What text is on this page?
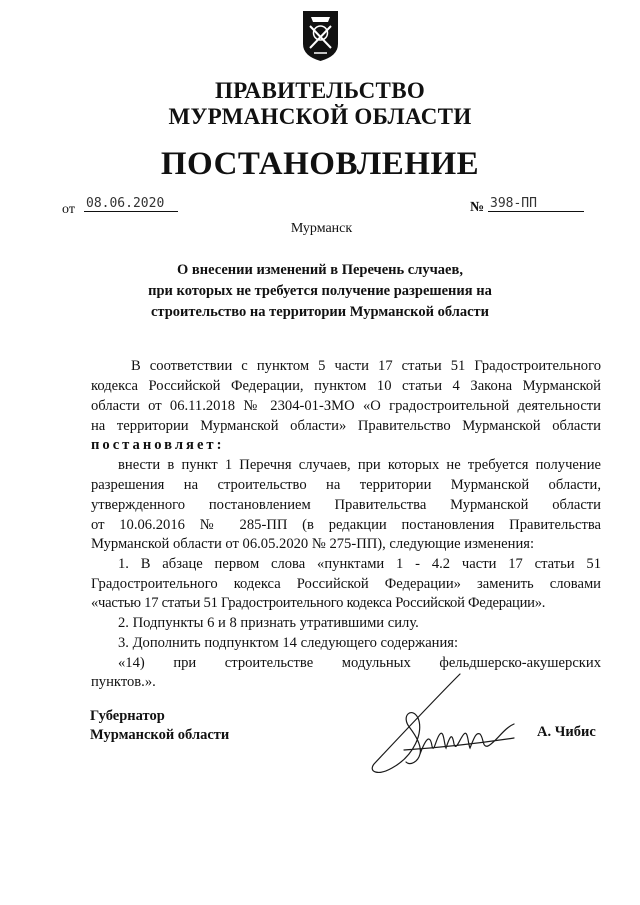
ПРАВИТЕЛЬСТВО
МУРМАНСКОЙ ОБЛАСТИ
ПОСТАНОВЛЕНИЕ
от 08.06.2020	№ 398-ПП
Мурманск
О внесении изменений в Перечень случаев,
при которых не требуется получение разрешения на
строительство на территории Мурманской области
В соответствии с пунктом 5 части 17 статьи 51 Градостроительного
кодекса Российской Федерации, пунктом 10 статьи 4 Закона Мурманской
области от 06.11.2018 № 2304-01-ЗМО «О градостроительной деятельности
на территории Мурманской области» Правительство Мурманской области
постановляет:
внести в пункт 1 Перечня случаев, при которых не требуется получение
разрешения на строительство на территории Мурманской области,
утвержденного постановлением Правительства Мурманской области
от 10.06.2016 № 285-ПП (в редакции постановления Правительства
Мурманской области от 06.05.2020 № 275-ПП), следующие изменения:
1. В абзаце первом слова «пунктами 1 - 4.2 части 17 статьи 51
Градостроительного кодекса Российской Федерации» заменить словами
«частью 17 статьи 51 Градостроительного кодекса Российской Федерации».
2. Подпункты 6 и 8 признать утратившими силу.
3. Дополнить подпунктом 14 следующего содержания:
«14) при строительстве модульных фельдшерско-акушерских
пунктов.».
Губернатор
Мурманской области	А. Чибис
